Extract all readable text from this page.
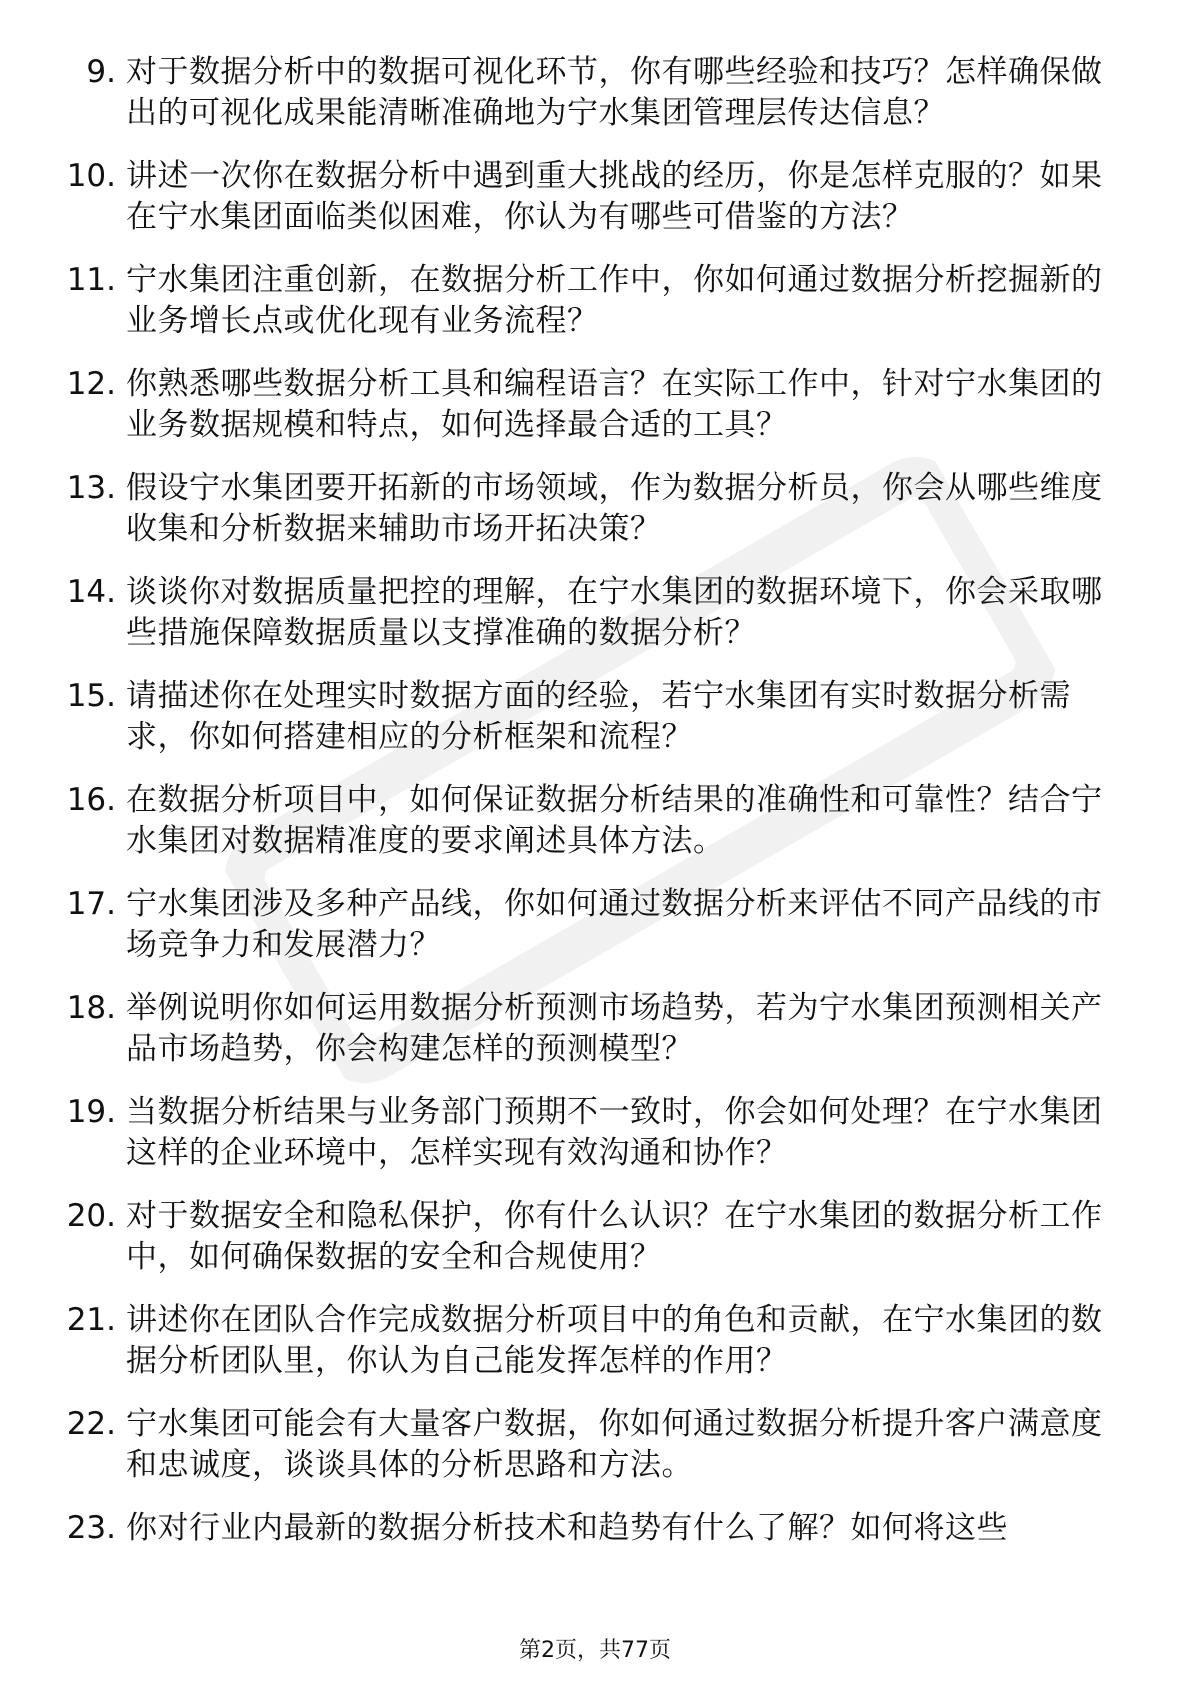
9. 对于数据分析中的数据可视化环节，你有哪些经验和技巧？怎样确保做出的可视化成果能清晰准确地为宁水集团管理层传达信息？
10. 讲述一次你在数据分析中遇到重大挑战的经历，你是怎样克服的？如果在宁水集团面临类似困难，你认为有哪些可借鉴的方法？
11. 宁水集团注重创新，在数据分析工作中，你如何通过数据分析挖掘新的业务增长点或优化现有业务流程？
12. 你熟悉哪些数据分析工具和编程语言？在实际工作中，针对宁水集团的业务数据规模和特点，如何选择最合适的工具？
13. 假设宁水集团要开拓新的市场领域，作为数据分析员，你会从哪些维度收集和分析数据来辅助市场开拓决策？
14. 谈谈你对数据质量把控的理解，在宁水集团的数据环境下，你会采取哪些措施保障数据质量以支撑准确的数据分析？
15. 请描述你在处理实时数据方面的经验，若宁水集团有实时数据分析需求，你如何搭建相应的分析框架和流程？
16. 在数据分析项目中，如何保证数据分析结果的准确性和可靠性？结合宁水集团对数据精准度的要求阐述具体方法。
17. 宁水集团涉及多种产品线，你如何通过数据分析来评估不同产品线的市场竞争力和发展潜力？
18. 举例说明你如何运用数据分析预测市场趋势，若为宁水集团预测相关产品市场趋势，你会构建怎样的预测模型？
19. 当数据分析结果与业务部门预期不一致时，你会如何处理？在宁水集团这样的企业环境中，怎样实现有效沟通和协作？
20. 对于数据安全和隐私保护，你有什么认识？在宁水集团的数据分析工作中，如何确保数据的安全和合规使用？
21. 讲述你在团队合作完成数据分析项目中的角色和贡献，在宁水集团的数据分析团队里，你认为自己能发挥怎样的作用？
22. 宁水集团可能会有大量客户数据，你如何通过数据分析提升客户满意度和忠诚度，谈谈具体的分析思路和方法。
23. 你对行业内最新的数据分析技术和趋势有什么了解？如何将这些
第2页，共77页
